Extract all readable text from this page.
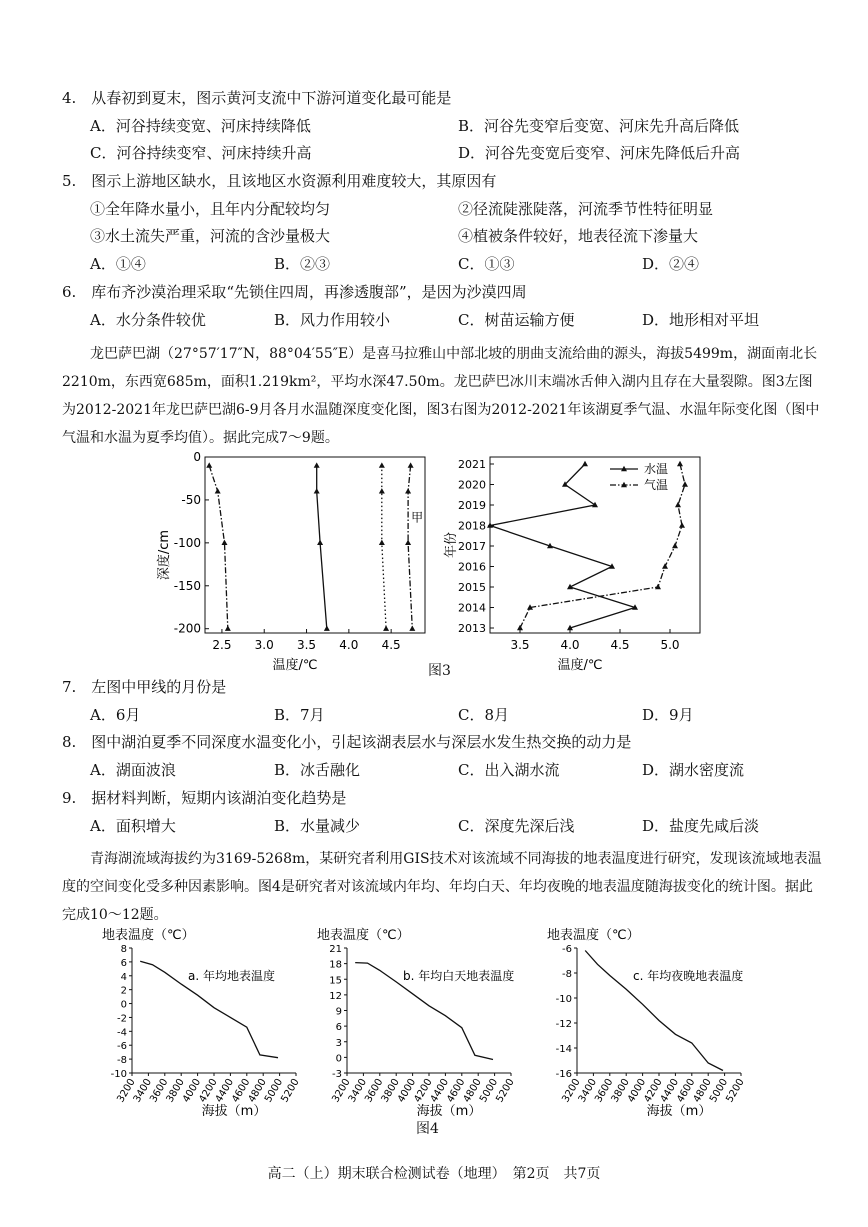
4.　从春初到夏末，图示黄河支流中下游河道变化最可能是
A．河谷持续变宽、河床持续降低	B．河谷先变窄后变宽、河床先升高后降低
C．河谷持续变窄、河床持续升高	D．河谷先变宽后变窄、河床先降低后升高
5.　图示上游地区缺水，且该地区水资源利用难度较大，其原因有
①全年降水量小，且年内分配较均匀	②径流陡涨陡落，河流季节性特征明显
③水土流失严重，河流的含沙量极大	④植被条件较好，地表径流下渗量大
A．①④	B．②③	C．①③	D．②④
6.　库布齐沙漠治理采取“先锁住四周，再渗透腹部”，是因为沙漠四周
A．水分条件较优	B．风力作用较小	C．树苗运输方便	D．地形相对平坦
龙巴萨巴湖（27°57′17″N，88°04′55″E）是喜马拉雅山中部北坡的朋曲支流给曲的源头，海拔5499m，湖面南北长2210m，东西宽685m，面积1.219km²，平均水深47.50m。龙巴萨巴冰川末端冰舌伸入湖内且存在大量裂隙。图3左图为2012-2021年龙巴萨巴湖6-9月各月水温随深度变化图，图3右图为2012-2021年该湖夏季气温、水温年际变化图（图中气温和水温为夏季均值）。据此完成7～9题。
2.5 3.0 3.5 4.0 4.5
0
-50
-100
-150
-200
温度/℃
深度/cm
甲
3.5	4.0	4.5	5.0
2013
2014
2015
2016
2017
2018
2019
2020
2021
温度/℃
年份
水温
气温
图3
7.　左图中甲线的月份是
A．6月	B．7月	C．8月	D．9月
8.　图中湖泊夏季不同深度水温变化小，引起该湖表层水与深层水发生热交换的动力是
A．湖面波浪	B．冰舌融化	C．出入湖水流	D．湖水密度流
9.　据材料判断，短期内该湖泊变化趋势是
A．面积增大	B．水量减少	C．深度先深后浅	D．盐度先咸后淡
青海湖流域海拔约为3169-5268m，某研究者利用GIS技术对该流域不同海拔的地表温度进行研究，发现该流域地表温度的空间变化受多种因素影响。图4是研究者对该流域内年均、年均白天、年均夜晚的地表温度随海拔变化的统计图。据此完成10～12题。
地表温度（℃）
8
6
4
2
0
-2
-4
-6
-8
-10
3200
3400
3600
3800
4000
4200
4400
4600
4800
5000
5200
a. 年均地表温度
海拔（m）
地表温度（℃）
21
18
15
12
9
6
3
0
-3
3200
3400
3600
3800
4000
4200
4400
4600
4800
5000
5200
b. 年均白天地表温度
海拔（m）
地表温度（℃）
-6
-8
-10
-12
-14
-16
3200
3400
3600
3800
4000
4200
4400
4600
4800
5000
5200
c. 年均夜晚地表温度
海拔（m）
图4
高二（上）期末联合检测试卷（地理）　第2页　共7页
